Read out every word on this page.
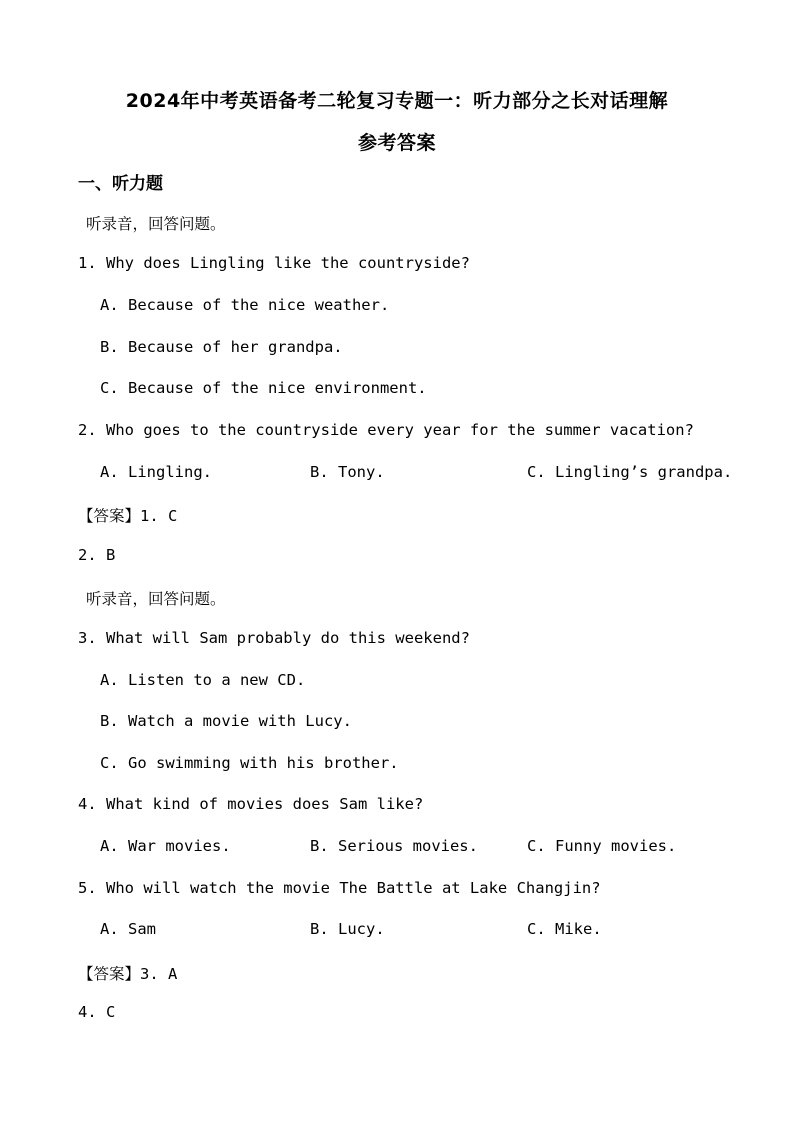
2024年中考英语备考二轮复习专题一：听力部分之长对话理解
参考答案
一、听力题
听录音，回答问题。
1. Why does Lingling like the countryside?
A. Because of the nice weather.
B. Because of her grandpa.
C. Because of the nice environment.
2. Who goes to the countryside every year for the summer vacation?
A. Lingling.	B. Tony.	C. Lingling’s grandpa.
【答案】1. C
2. B
听录音，回答问题。
3. What will Sam probably do this weekend?
A. Listen to a new CD.
B. Watch a movie with Lucy.
C. Go swimming with his brother.
4. What kind of movies does Sam like?
A. War movies.	B. Serious movies.	C. Funny movies.
5. Who will watch the movie The Battle at Lake Changjin?
A. Sam	B. Lucy.	C. Mike.
【答案】3. A
4. C
